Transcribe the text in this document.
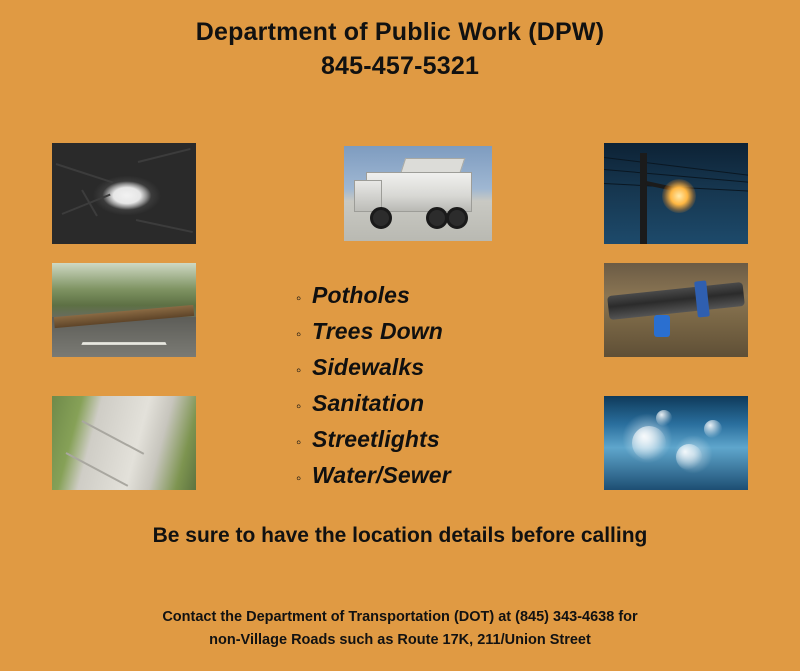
Department of Public Work (DPW)
845-457-5321
◦ Potholes
◦ Trees Down
◦ Sidewalks
◦ Sanitation
◦ Streetlights
◦ Water/Sewer
Be sure to have the location details before calling
Contact the Department of Transportation (DOT) at (845) 343-4638 for
non-Village Roads such as Route 17K, 211/Union Street
